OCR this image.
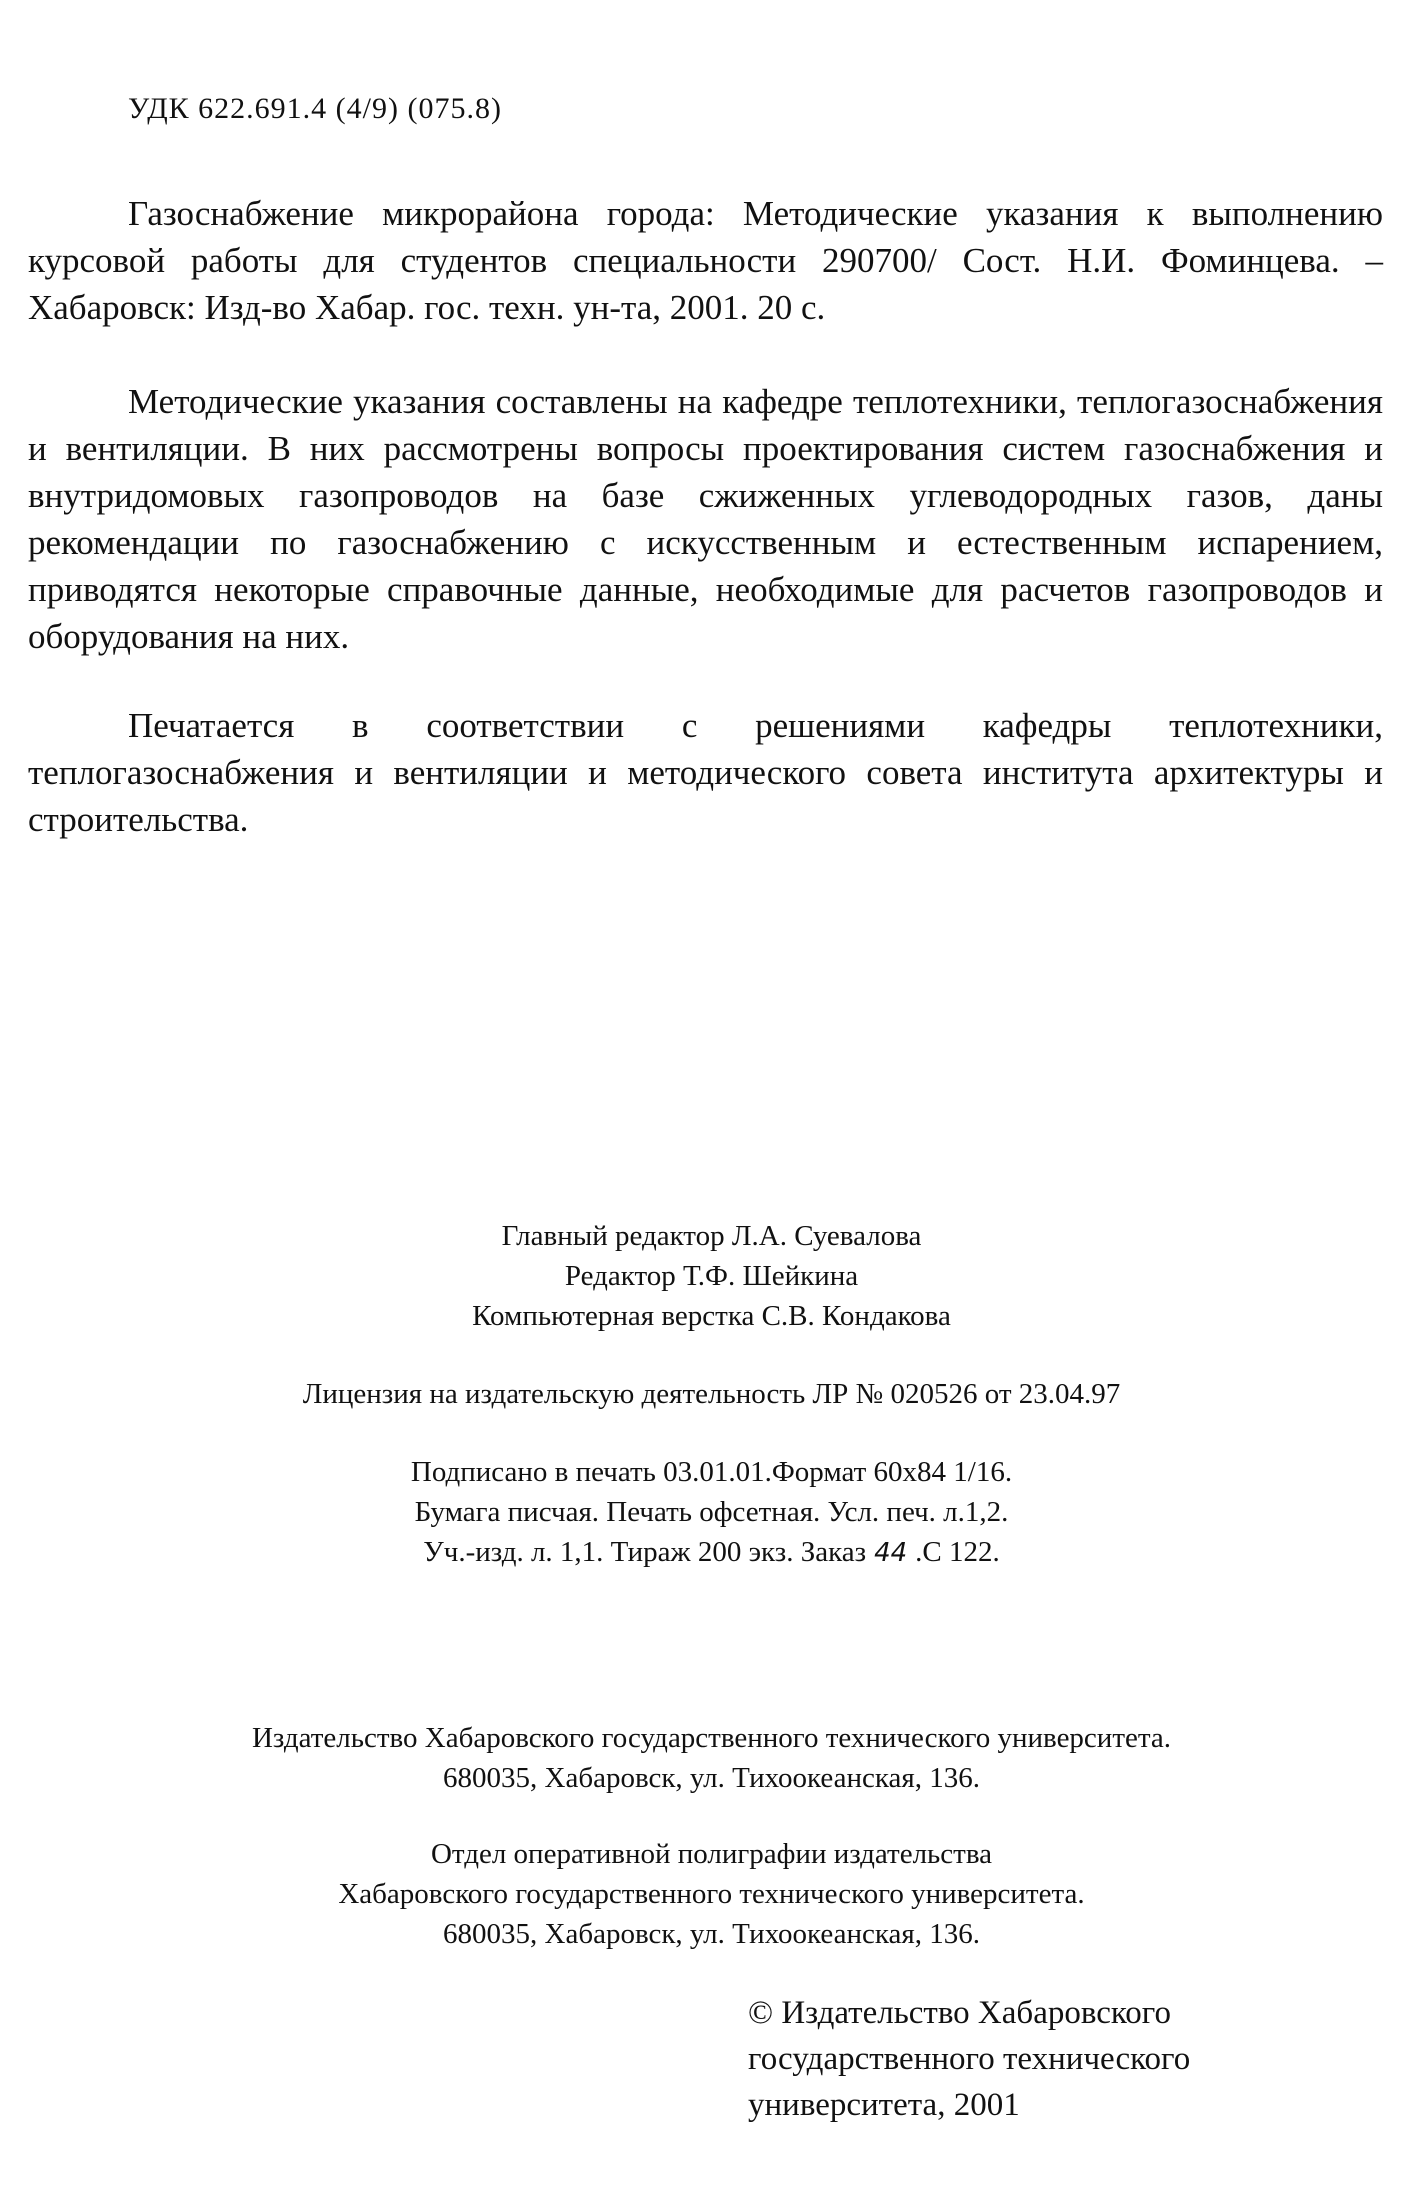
УДК 622.691.4 (4/9) (075.8)

Газоснабжение микрорайона города: Методические указания к выполнению курсовой работы для студентов специальности 290700/ Сост. Н.И. Фоминцева. – Хабаровск: Изд-во Хабар. гос. техн. ун-та, 2001. 20 с.

Методические указания составлены на кафедре теплотехники, теплогазоснабжения и вентиляции. В них рассмотрены вопросы проектирования систем газоснабжения и внутридомовых газопроводов на базе сжиженных углеводородных газов, даны рекомендации по газоснабжению с искусственным и естественным испарением, приводятся некоторые справочные данные, необходимые для расчетов газопроводов и оборудования на них.

Печатается в соответствии с решениями кафедры теплотехники, теплогазоснабжения и вентиляции и методического совета института архитектуры и строительства.

Главный редактор Л.А. Суевалова
Редактор Т.Ф. Шейкина
Компьютерная верстка С.В. Кондакова
Лицензия на издательскую деятельность ЛР № 020526 от 23.04.97
Подписано в печать 03.01.01.Формат 60x84 1/16.
Бумага писчая. Печать офсетная. Усл. печ. л.1,2.
Уч.-изд. л. 1,1. Тираж 200 экз. Заказ 44 .С 122.
Издательство Хабаровского государственного технического университета.
680035, Хабаровск, ул. Тихоокеанская, 136.
Отдел оперативной полиграфии издательства
Хабаровского государственного технического университета.
680035, Хабаровск, ул. Тихоокеанская, 136.
© Издательство Хабаровского
государственного технического
университета, 2001
